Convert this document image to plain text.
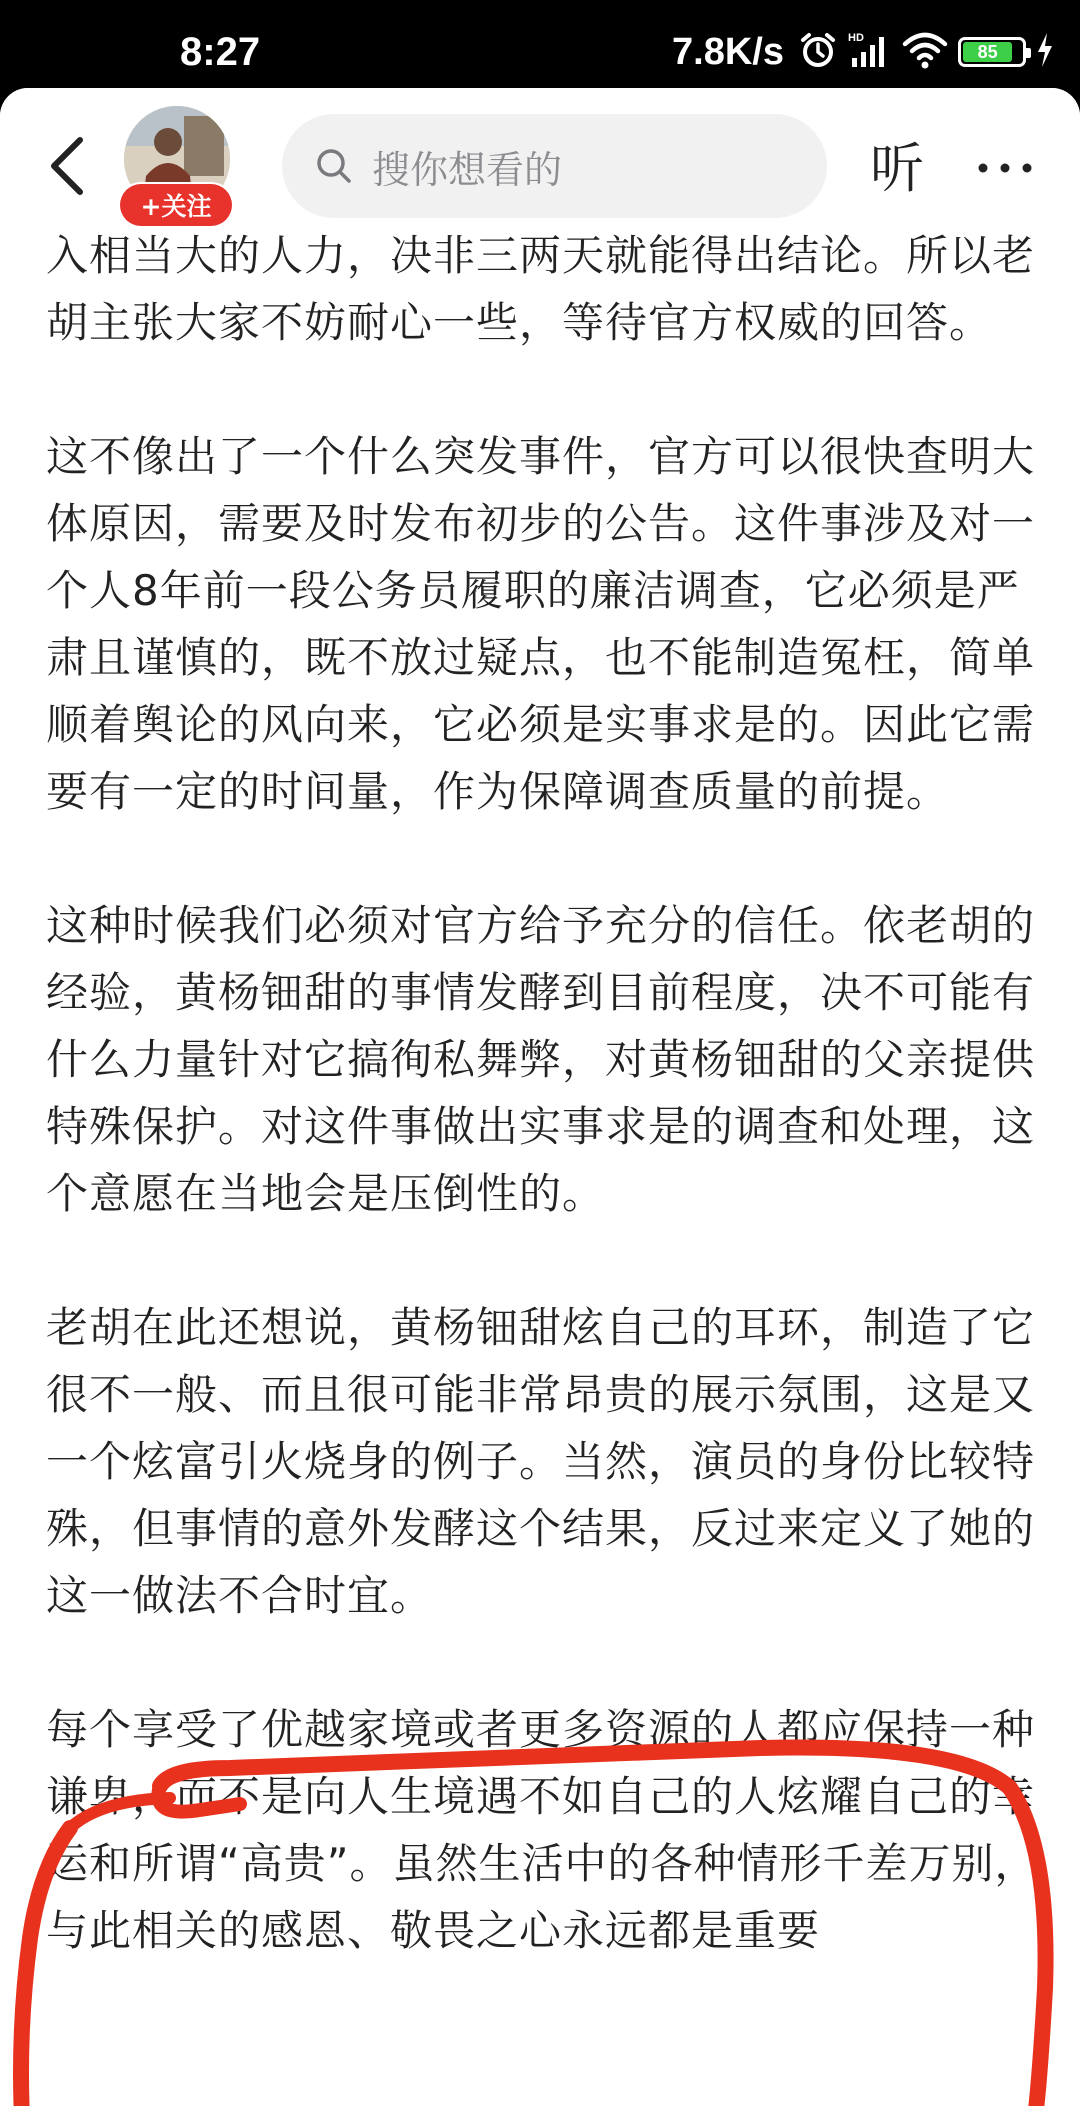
8:27	7.8K/s	HD
85
+关注
搜你想看的	听

入相当大的人力，决非三两天就能得出结论。所以老胡主张大家不妨耐心一些，等待官方权威的回答。

这不像出了一个什么突发事件，官方可以很快查明大体原因，需要及时发布初步的公告。这件事涉及对一个人8年前一段公务员履职的廉洁调查，它必须是严肃且谨慎的，既不放过疑点，也不能制造冤枉，简单顺着舆论的风向来，它必须是实事求是的。因此它需要有一定的时间量，作为保障调查质量的前提。

这种时候我们必须对官方给予充分的信任。依老胡的经验，黄杨钿甜的事情发酵到目前程度，决不可能有什么力量针对它搞徇私舞弊，对黄杨钿甜的父亲提供特殊保护。对这件事做出实事求是的调查和处理，这个意愿在当地会是压倒性的。

老胡在此还想说，黄杨钿甜炫自己的耳环，制造了它很不一般、而且很可能非常昂贵的展示氛围，这是又一个炫富引火烧身的例子。当然，演员的身份比较特殊，但事情的意外发酵这个结果，反过来定义了她的这一做法不合时宜。

每个享受了优越家境或者更多资源的人都应保持一种谦卑，而不是向人生境遇不如自己的人炫耀自己的幸运和所谓“高贵”。虽然生活中的各种情形千差万别，与此相关的感恩、敬畏之心永远都是重要
